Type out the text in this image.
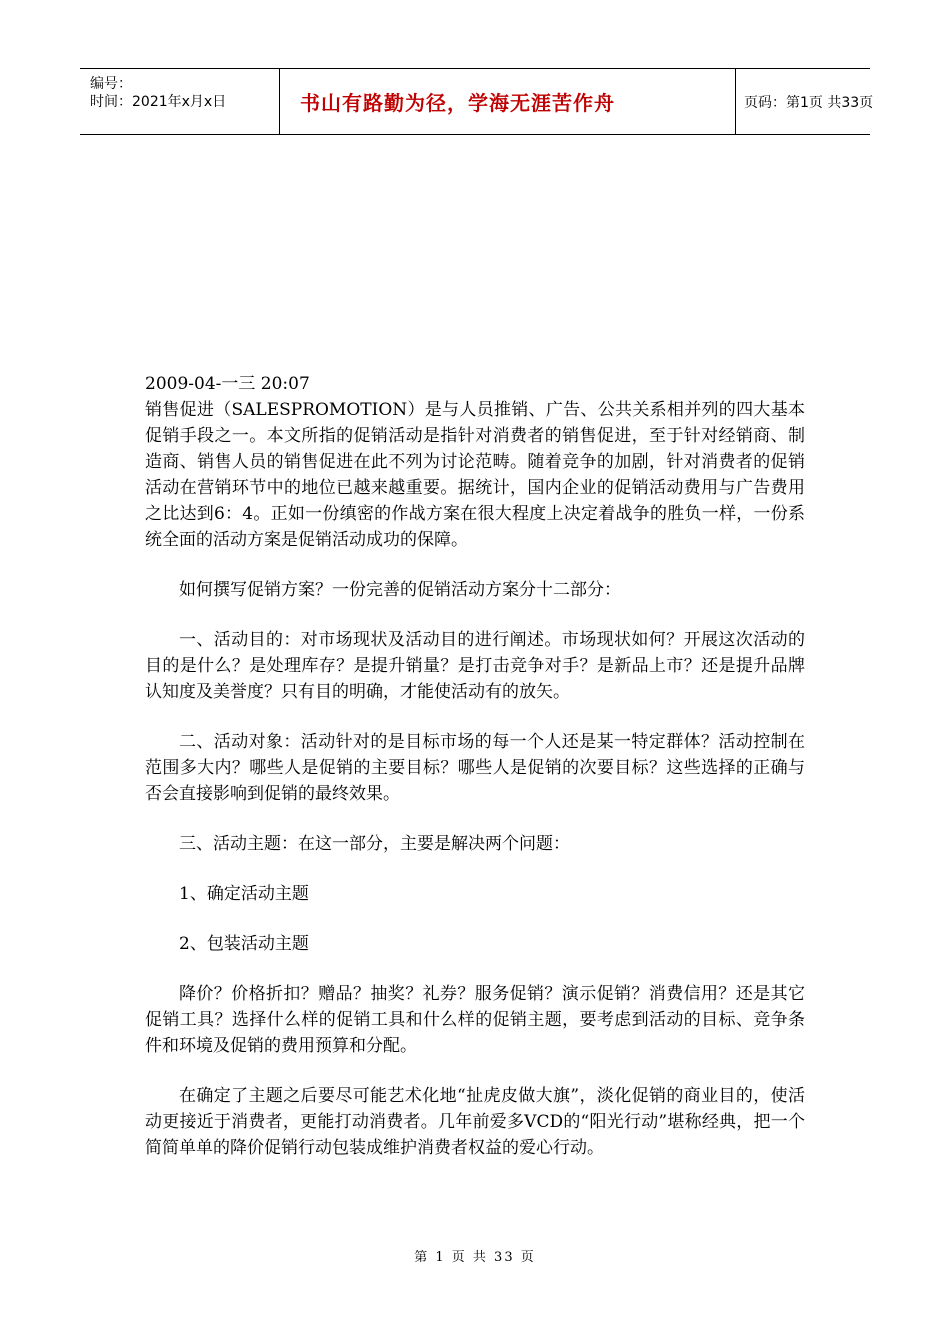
编号：
时间：2021年x月x日	书山有路勤为径，学海无涯苦作舟	页码：第1页 共33页

2009-04-一三 20:07
销售促进（SALESPROMOTION）是与人员推销、广告、公共关系相并列的四大基本促销手段之一。本文所指的促销活动是指针对消费者的销售促进，至于针对经销商、制造商、销售人员的销售促进在此不列为讨论范畴。随着竞争的加剧，针对消费者的促销活动在营销环节中的地位已越来越重要。据统计，国内企业的促销活动费用与广告费用之比达到6：4。正如一份缜密的作战方案在很大程度上决定着战争的胜负一样，一份系统全面的活动方案是促销活动成功的保障。

如何撰写促销方案？一份完善的促销活动方案分十二部分：

一、活动目的：对市场现状及活动目的进行阐述。市场现状如何？开展这次活动的目的是什么？是处理库存？是提升销量？是打击竞争对手？是新品上市？还是提升品牌认知度及美誉度？只有目的明确，才能使活动有的放矢。

二、活动对象：活动针对的是目标市场的每一个人还是某一特定群体？活动控制在范围多大内？哪些人是促销的主要目标？哪些人是促销的次要目标？这些选择的正确与否会直接影响到促销的最终效果。

三、活动主题：在这一部分，主要是解决两个问题：

1、确定活动主题

2、包装活动主题

降价？价格折扣？赠品？抽奖？礼券？服务促销？演示促销？消费信用？还是其它促销工具？选择什么样的促销工具和什么样的促销主题，要考虑到活动的目标、竞争条件和环境及促销的费用预算和分配。

在确定了主题之后要尽可能艺术化地“扯虎皮做大旗”，淡化促销的商业目的，使活动更接近于消费者，更能打动消费者。几年前爱多VCD的“阳光行动”堪称经典，把一个简简单单的降价促销行动包装成维护消费者权益的爱心行动。

第 1 页 共 33 页
